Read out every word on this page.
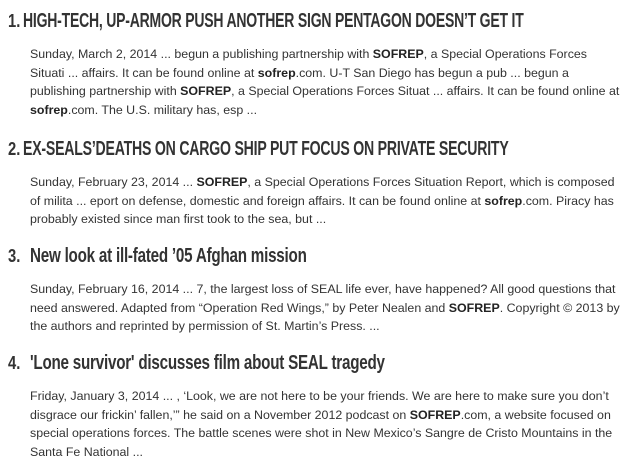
1. HIGH-TECH, UP-ARMOR PUSH ANOTHER SIGN PENTAGON DOESN’T GET IT
Sunday, March 2, 2014 ... begun a publishing partnership with SOFREP, a Special Operations Forces Situati ... affairs. It can be found online at sofrep.com. U-T San Diego has begun a pub ... begun a publishing partnership with SOFREP, a Special Operations Forces Situat ... affairs. It can be found online at sofrep.com. The U.S. military has, esp ...
2. EX-SEALS’DEATHS ON CARGO SHIP PUT FOCUS ON PRIVATE SECURITY
Sunday, February 23, 2014 ... SOFREP, a Special Operations Forces Situation Report, which is composed of milita ... eport on defense, domestic and foreign affairs. It can be found online at sofrep.com. Piracy has probably existed since man first took to the sea, but ...
3. New look at ill-fated ’05 Afghan mission
Sunday, February 16, 2014 ... 7, the largest loss of SEAL life ever, have happened? All good questions that need answered. Adapted from “Operation Red Wings,” by Peter Nealen and SOFREP. Copyright © 2013 by the authors and reprinted by permission of St. Martin’s Press. ...
4. 'Lone survivor' discusses film about SEAL tragedy
Friday, January 3, 2014 ... , ‘Look, we are not here to be your friends. We are here to make sure you don’t disgrace our frickin’ fallen,’” he said on a November 2012 podcast on SOFREP.com, a website focused on special operations forces. The battle scenes were shot in New Mexico’s Sangre de Cristo Mountains in the Santa Fe National ...
